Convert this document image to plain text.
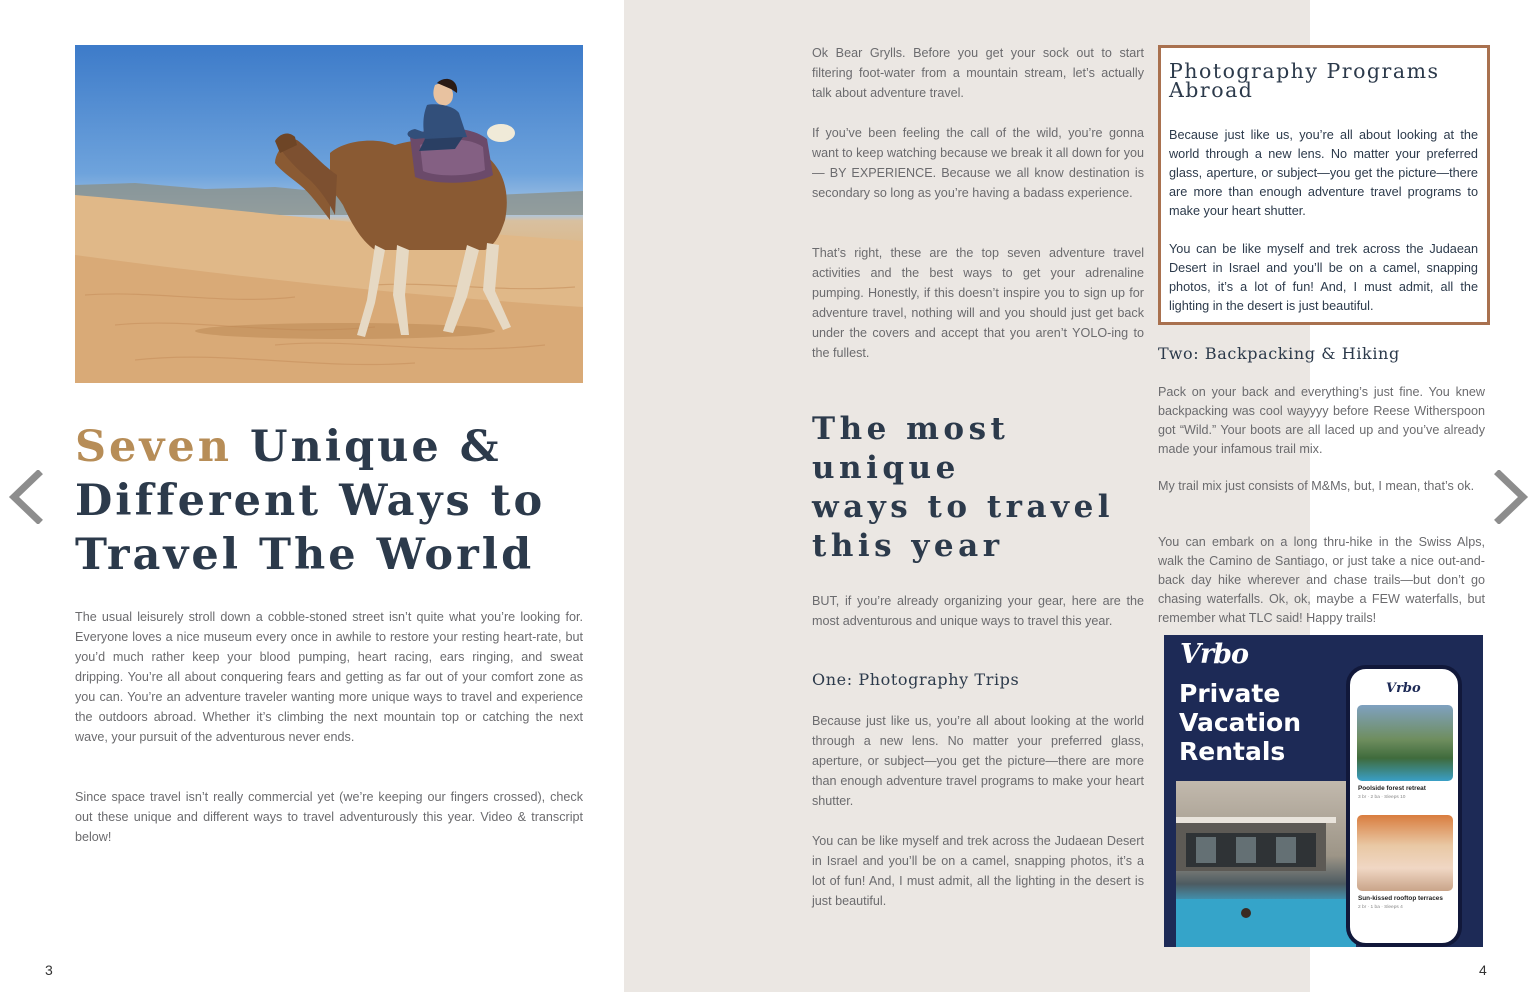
Seven Unique &
Different Ways to
Travel The World

The usual leisurely stroll down a cobble-stoned street isn’t quite what you’re looking for. Everyone loves a nice museum every once in awhile to restore your resting heart-rate, but you’d much rather keep your blood pumping, heart racing, ears ringing, and sweat dripping. You’re all about conquering fears and getting as far out of your comfort zone as you can. You’re an adventure traveler wanting more unique ways to travel and experience the outdoors abroad. Whether it’s climbing the next mountain top or catching the next wave, your pursuit of the adventurous never ends.

Since space travel isn’t really commercial yet (we’re keeping our fingers crossed), check out these unique and different ways to travel adventurously this year. Video & transcript below!

Ok Bear Grylls. Before you get your sock out to start filtering foot-water from a mountain stream, let’s actually talk about adventure travel.

If you’ve been feeling the call of the wild, you’re gonna want to keep watching because we break it all down for you— BY EXPERIENCE. Because we all know destination is secondary so long as you’re having a badass experience.

That’s right, these are the top seven adventure travel activities and the best ways to get your adrenaline pumping. Honestly, if this doesn’t inspire you to sign up for adventure travel, nothing will and you should just get back under the covers and accept that you aren’t YOLO-ing to the fullest.

The most unique
ways to travel
this year

BUT, if you’re already organizing your gear, here are the most adventurous and unique ways to travel this year.

One: Photography Trips

Because just like us, you’re all about looking at the world through a new lens. No matter your preferred glass, aperture, or subject—you get the picture—there are more than enough adventure travel programs to make your heart shutter.

You can be like myself and trek across the Judaean Desert in Israel and you’ll be on a camel, snapping photos, it’s a lot of fun! And, I must admit, all the lighting in the desert is just beautiful.

Photography Programs
Abroad

Because just like us, you’re all about looking at the world through a new lens. No matter your preferred glass, aperture, or subject—you get the picture—there are more than enough adventure travel programs to make your heart shutter.

You can be like myself and trek across the Judaean Desert in Israel and you’ll be on a camel, snapping photos, it’s a lot of fun! And, I must admit, all the lighting in the desert is just beautiful.

Two: Backpacking & Hiking

Pack on your back and everything’s just fine. You knew backpacking was cool wayyyy before Reese Witherspoon got “Wild.” Your boots are all laced up and you’ve already made your infamous trail mix.

My trail mix just consists of M&Ms, but, I mean, that’s ok.

You can embark on a long thru-hike in the Swiss Alps, walk the Camino de Santiago, or just take a nice out-and-back day hike wherever and chase trails—but don’t go chasing waterfalls. Ok, ok, maybe a FEW waterfalls, but remember what TLC said! Happy trails!

Vrbo
Private
Vacation
Rentals
Vrbo
Poolside forest retreat
3 br · 2 ba · Sleeps 10
Sun-kissed rooftop terraces
2 br · 1 ba · Sleeps 4
3	4
